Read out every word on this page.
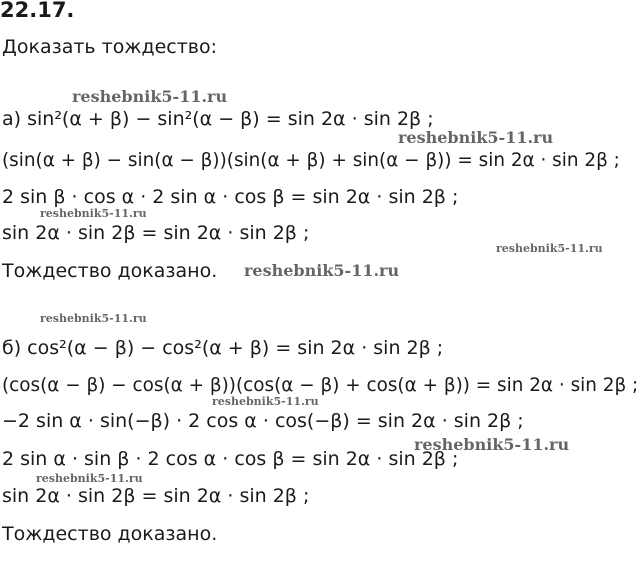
22.17.
Доказать тождество:
а) sin²(α + β) − sin²(α − β) = sin 2α · sin 2β ;
(sin(α + β) − sin(α − β))(sin(α + β) + sin(α − β)) = sin 2α · sin 2β ;
2 sin β · cos α · 2 sin α · cos β = sin 2α · sin 2β ;
sin 2α · sin 2β = sin 2α · sin 2β ;
Тождество доказано.
б) cos²(α − β) − cos²(α + β) = sin 2α · sin 2β ;
(cos(α − β) − cos(α + β))(cos(α − β) + cos(α + β)) = sin 2α · sin 2β ;
−2 sin α · sin(−β) · 2 cos α · cos(−β) = sin 2α · sin 2β ;
2 sin α · sin β · 2 cos α · cos β = sin 2α · sin 2β ;
sin 2α · sin 2β = sin 2α · sin 2β ;
Тождество доказано.
reshebnik5-11.ru
reshebnik5-11.ru
reshebnik5-11.ru
reshebnik5-11.ru
reshebnik5-11.ru
reshebnik5-11.ru
reshebnik5-11.ru
reshebnik5-11.ru
reshebnik5-11.ru
